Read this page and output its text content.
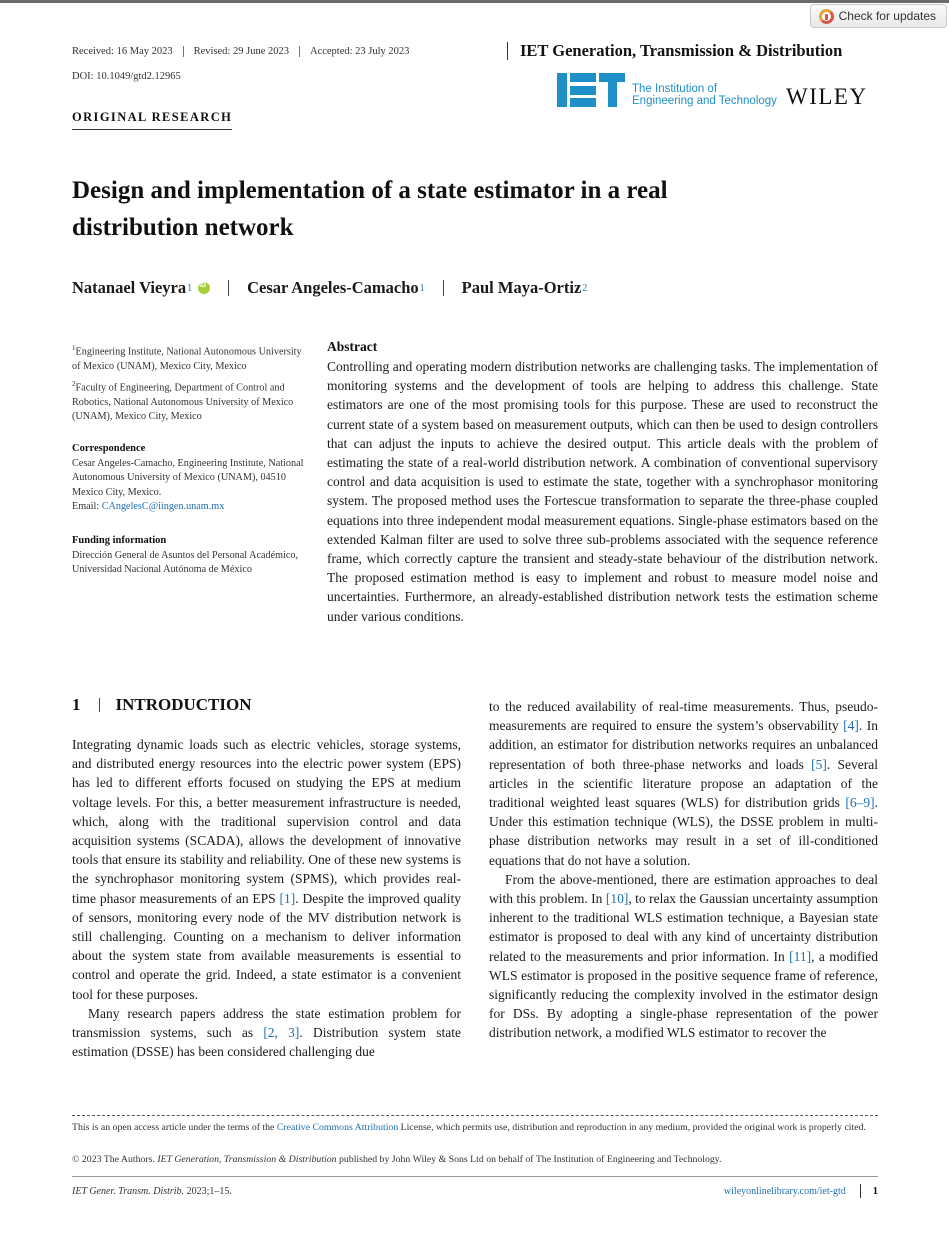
Check for updates
Received: 16 May 2023 Revised: 29 June 2023 Accepted: 23 July 2023
DOI: 10.1049/gtd2.12965
IET Generation, Transmission & Distribution
The Institution of
Engineering and Technology WILEY
ORIGINAL RESEARCH
Design and implementation of a state estimator in a real distribution network
Natanael Vieyra 1
iD	Cesar Angeles-Camacho 1 Paul Maya-Ortiz 2
$^1$Engineering Institute, National Autonomous University of Mexico (UNAM), Mexico City, Mexico
$^2$Faculty of Engineering, Department of Control and Robotics, National Autonomous University of Mexico (UNAM), Mexico City, Mexico
Correspondence
Cesar Angeles-Camacho, Engineering Institute, National Autonomous University of Mexico (UNAM), 04510 Mexico City, Mexico.
Email: CAngelesC@iingen.unam.mx
Funding information
Dirección General de Asuntos del Personal Académico, Universidad Nacional Autónoma de México
Abstract
Controlling and operating modern distribution networks are challenging tasks. The implementation of monitoring systems and the development of tools are helping to address this challenge. State estimators are one of the most promising tools for this purpose. These are used to reconstruct the current state of a system based on measurement outputs, which can then be used to design controllers that can adjust the inputs to achieve the desired output. This article deals with the problem of estimating the state of a real-world distribution network. A combination of conventional supervisory control and data acquisition is used to estimate the state, together with a synchrophasor monitoring system. The proposed method uses the Fortescue transformation to separate the three-phase coupled equations into three independent modal measurement equations. Single-phase estimators based on the extended Kalman filter are used to solve three sub-problems associated with the sequence reference frame, which correctly capture the transient and steady-state behaviour of the distribution network. The proposed estimation method is easy to implement and robust to measure model noise and uncertainties. Furthermore, an already-established distribution network tests the estimation scheme under various conditions.
1 INTRODUCTION

Integrating dynamic loads such as electric vehicles, storage systems, and distributed energy resources into the electric power system (EPS) has led to different efforts focused on studying the EPS at medium voltage levels. For this, a better measurement infrastructure is needed, which, along with the traditional supervision control and data acquisition systems (SCADA), allows the development of innovative tools that ensure its stability and reliability. One of these new systems is the synchrophasor monitoring system (SPMS), which provides real-time phasor measurements of an EPS [1]. Despite the improved quality of sensors, monitoring every node of the MV distribution network is still challenging. Counting on a mechanism to deliver information about the system state from available measurements is essential to control and operate the grid. Indeed, a state estimator is a convenient tool for these purposes.

Many research papers address the state estimation problem for transmission systems, such as [2, 3]. Distribution system state estimation (DSSE) has been considered challenging due

to the reduced availability of real-time measurements. Thus, pseudo-measurements are required to ensure the system’s observability [4]. In addition, an estimator for distribution networks requires an unbalanced representation of both three-phase networks and loads [5]. Several articles in the scientific literature propose an adaptation of the traditional weighted least squares (WLS) for distribution grids [6–9]. Under this estimation technique (WLS), the DSSE problem in multi-phase distribution networks may result in a set of ill-conditioned equations that do not have a solution.

From the above-mentioned, there are estimation approaches to deal with this problem. In [10], to relax the Gaussian uncertainty assumption inherent to the traditional WLS estimation technique, a Bayesian state estimator is proposed to deal with any kind of uncertainty distribution related to the measurements and prior information. In [11], a modified WLS estimator is proposed in the positive sequence frame of reference, significantly reducing the complexity involved in the estimator design for DSs. By adopting a single-phase representation of the power distribution network, a modified WLS estimator to recover the

This is an open access article under the terms of the Creative Commons Attribution License, which permits use, distribution and reproduction in any medium, provided the original work is properly cited.
© 2023 The Authors. IET Generation, Transmission & Distribution published by John Wiley & Sons Ltd on behalf of The Institution of Engineering and Technology.
IET Gener. Transm. Distrib. 2023;1–15.	wileyonlinelibrary.com/iet-gtd	1
